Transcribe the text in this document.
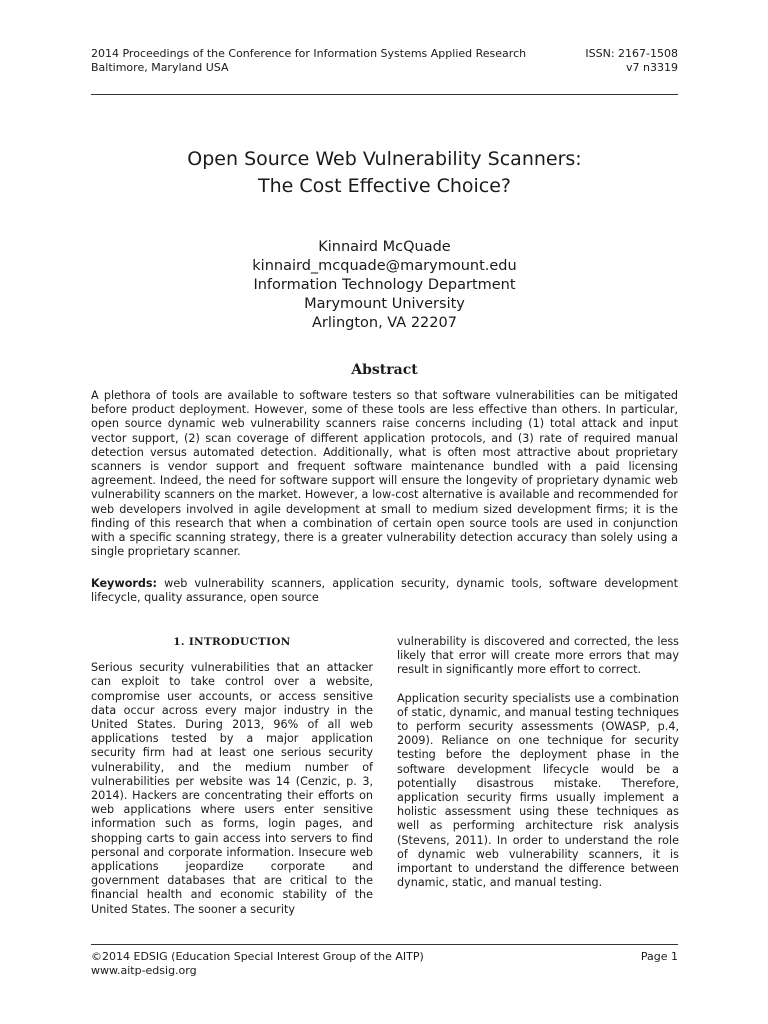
2014 Proceedings of the Conference for Information Systems Applied Research	ISSN: 2167-1508
Baltimore, Maryland USA	v7 n3319
Open Source Web Vulnerability Scanners:
The Cost Effective Choice?
Kinnaird McQuade
kinnaird_mcquade@marymount.edu
Information Technology Department
Marymount University
Arlington, VA 22207
Abstract
A plethora of tools are available to software testers so that software vulnerabilities can be mitigated before product deployment. However, some of these tools are less effective than others. In particular, open source dynamic web vulnerability scanners raise concerns including (1) total attack and input vector support, (2) scan coverage of different application protocols, and (3) rate of required manual detection versus automated detection. Additionally, what is often most attractive about proprietary scanners is vendor support and frequent software maintenance bundled with a paid licensing agreement. Indeed, the need for software support will ensure the longevity of proprietary dynamic web vulnerability scanners on the market. However, a low-cost alternative is available and recommended for web developers involved in agile development at small to medium sized development firms; it is the finding of this research that when a combination of certain open source tools are used in conjunction with a specific scanning strategy, there is a greater vulnerability detection accuracy than solely using a single proprietary scanner.
Keywords: web vulnerability scanners, application security, dynamic tools, software development lifecycle, quality assurance, open source
1. INTRODUCTION

Serious security vulnerabilities that an attacker can exploit to take control over a website, compromise user accounts, or access sensitive data occur across every major industry in the United States. During 2013, 96% of all web applications tested by a major application security firm had at least one serious security vulnerability, and the medium number of vulnerabilities per website was 14 (Cenzic, p. 3, 2014). Hackers are concentrating their efforts on web applications where users enter sensitive information such as forms, login pages, and shopping carts to gain access into servers to find personal and corporate information. Insecure web applications jeopardize corporate and government databases that are critical to the financial health and economic stability of the United States. The sooner a security

vulnerability is discovered and corrected, the less likely that error will create more errors that may result in significantly more effort to correct.

Application security specialists use a combination of static, dynamic, and manual testing techniques to perform security assessments (OWASP, p.4, 2009). Reliance on one technique for security testing before the deployment phase in the software development lifecycle would be a potentially disastrous mistake. Therefore, application security firms usually implement a holistic assessment using these techniques as well as performing architecture risk analysis (Stevens, 2011). In order to understand the role of dynamic web vulnerability scanners, it is important to understand the difference between dynamic, static, and manual testing.

©2014 EDSIG (Education Special Interest Group of the AITP)	Page 1
www.aitp-edsig.org
